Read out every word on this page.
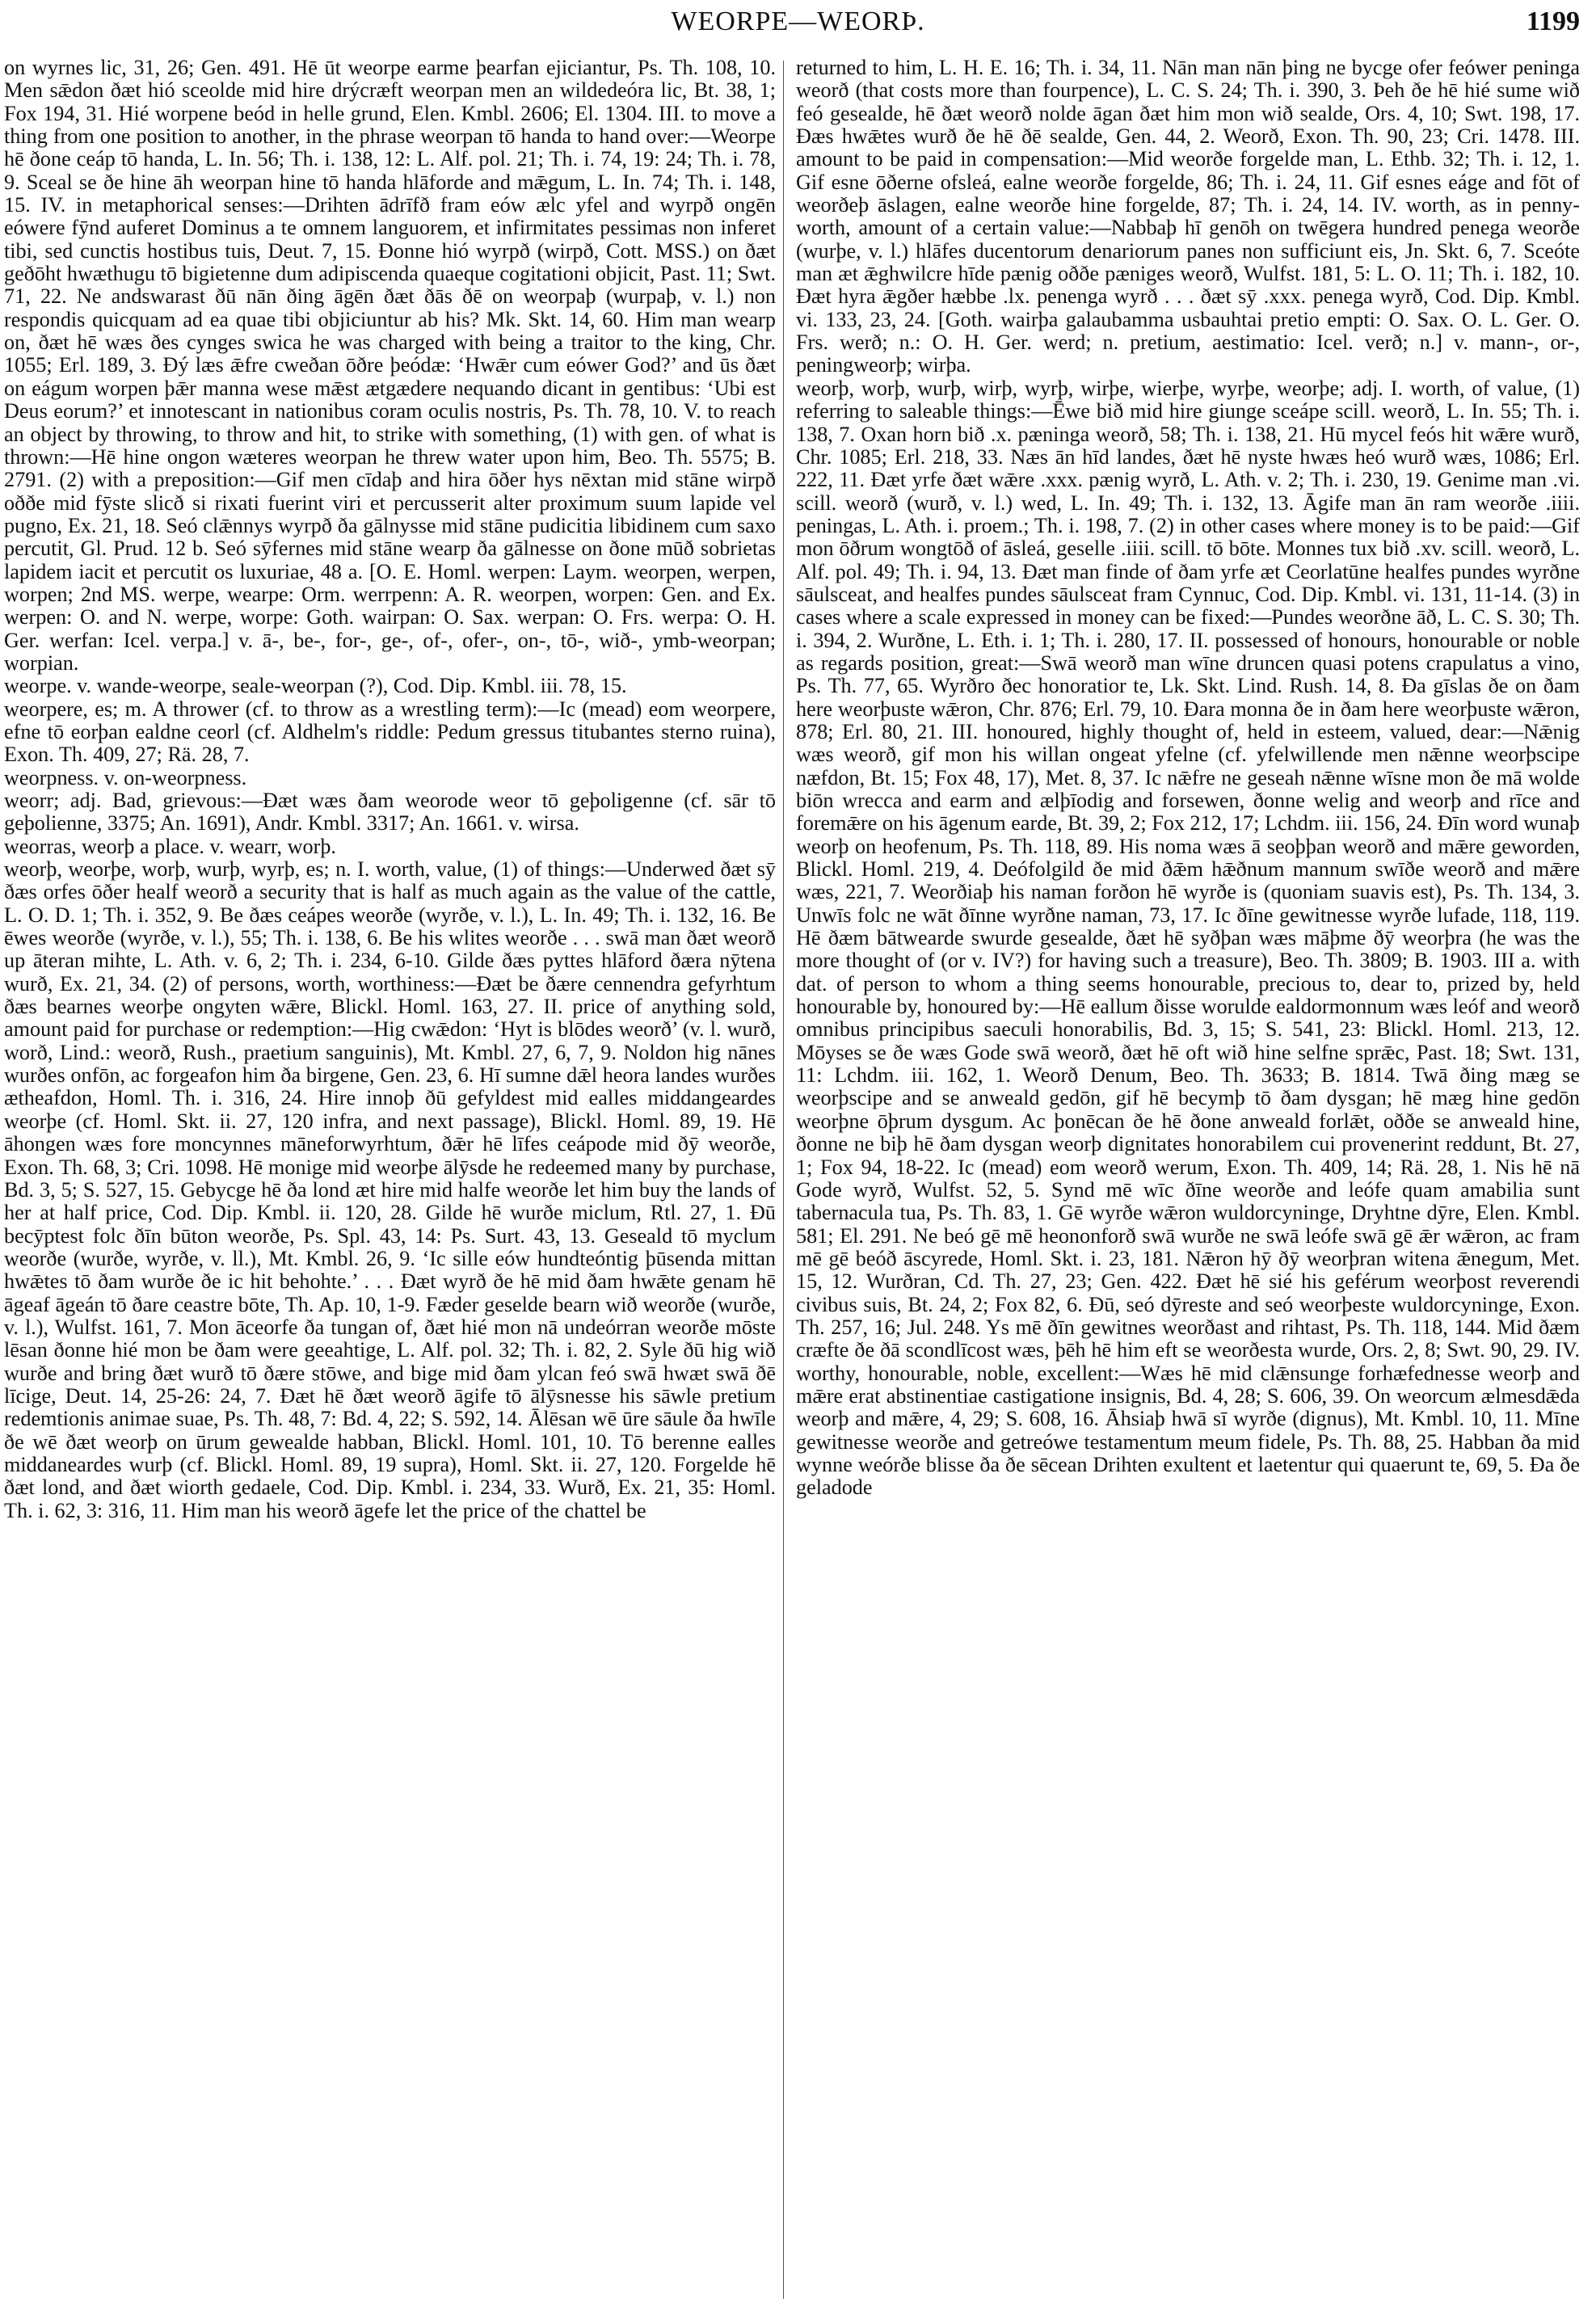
WEORPE—WEORÞ.	1199

on wyrnes lic, 31, 26; Gen. 491. Hē ūt weorpe earme þearfan ejiciantur, Ps. Th. 108, 10. Men sǣdon ðæt hió sceolde mid hire drýcræft weorpan men an wildedeóra lic, Bt. 38, 1; Fox 194, 31. Hié worpene beód in helle grund, Elen. Kmbl. 2606; El. 1304. III. to move a thing from one position to another, in the phrase weorpan tō handa to hand over:—Weorpe hē ðone ceáp tō handa, L. In. 56; Th. i. 138, 12: L. Alf. pol. 21; Th. i. 74, 19: 24; Th. i. 78, 9. Sceal se ðe hine āh weorpan hine tō handa hlāforde and mǣgum, L. In. 74; Th. i. 148, 15. IV. in metaphorical senses:—Drihten ādrīfð fram eów ælc yfel and wyrpð ongēn eówere fȳnd auferet Dominus a te omnem languorem, et infirmitates pessimas non inferet tibi, sed cunctis hostibus tuis, Deut. 7, 15. Ðonne hió wyrpð (wirpð, Cott. MSS.) on ðæt geðōht hwæthugu tō bigietenne dum adipiscenda quaeque cogitationi objicit, Past. 11; Swt. 71, 22. Ne andswarast ðū nān ðing āgēn ðæt ðās ðē on weorpaþ (wurpaþ, v. l.) non respondis quicquam ad ea quae tibi objiciuntur ab his? Mk. Skt. 14, 60. Him man wearp on, ðæt hē wæs ðes cynges swica he was charged with being a traitor to the king, Chr. 1055; Erl. 189, 3. Ðý læs ǣfre cweðan ōðre þeódæ: ‘Hwǣr cum eówer God?’ and ūs ðæt on eágum worpen þǣr manna wese mǣst ætgædere nequando dicant in gentibus: ‘Ubi est Deus eorum?’ et innotescant in nationibus coram oculis nostris, Ps. Th. 78, 10. V. to reach an object by throwing, to throw and hit, to strike with something, (1) with gen. of what is thrown:—Hē hine ongon wæteres weorpan he threw water upon him, Beo. Th. 5575; B. 2791. (2) with a preposition:—Gif men cīdaþ and hira ōðer hys nēxtan mid stāne wirpð oððe mid fȳste slicð si rixati fuerint viri et percusserit alter proximum suum lapide vel pugno, Ex. 21, 18. Seó clǣnnys wyrpð ða gālnysse mid stāne pudicitia libidinem cum saxo percutit, Gl. Prud. 12 b. Seó sȳfernes mid stāne wearp ða gālnesse on ðone mūð sobrietas lapidem iacit et percutit os luxuriae, 48 a. [O. E. Homl. werpen: Laym. weorpen, werpen, worpen; 2nd MS. werpe, wearpe: Orm. werrpenn: A. R. weorpen, worpen: Gen. and Ex. werpen: O. and N. werpe, worpe: Goth. wairpan: O. Sax. werpan: O. Frs. werpa: O. H. Ger. werfan: Icel. verpa.] v. ā-, be-, for-, ge-, of-, ofer-, on-, tō-, wið-, ymb-weorpan; worpian.

weorpe. v. wande-weorpe, seale-weorpan (?), Cod. Dip. Kmbl. iii. 78, 15.

weorpere, es; m. A thrower (cf. to throw as a wrestling term):—Ic (mead) eom weorpere, efne tō eorþan ealdne ceorl (cf. Aldhelm's riddle: Pedum gressus titubantes sterno ruina), Exon. Th. 409, 27; Rä. 28, 7.

weorpness. v. on-weorpness.

weorr; adj. Bad, grievous:—Ðæt wæs ðam weorode weor tō geþoligenne (cf. sār tō geþolienne, 3375; An. 1691), Andr. Kmbl. 3317; An. 1661. v. wirsa.

weorras, weorþ a place. v. wearr, worþ.

weorþ, weorþe, worþ, wurþ, wyrþ, es; n. I. worth, value, (1) of things:—Underwed ðæt sȳ ðæs orfes ōðer healf weorð a security that is half as much again as the value of the cattle, L. O. D. 1; Th. i. 352, 9. Be ðæs ceápes weorðe (wyrðe, v. l.), L. In. 49; Th. i. 132, 16. Be ēwes weorðe (wyrðe, v. l.), 55; Th. i. 138, 6. Be his wlites weorðe . . . swā man ðæt weorð up āteran mihte, L. Ath. v. 6, 2; Th. i. 234, 6-10. Gilde ðæs pyttes hlāford ðæra nȳtena wurð, Ex. 21, 34. (2) of persons, worth, worthiness:—Ðæt be ðære cennendra gefyrhtum ðæs bearnes weorþe ongyten wǣre, Blickl. Homl. 163, 27. II. price of anything sold, amount paid for purchase or redemption:—Hig cwǣdon: ‘Hyt is blōdes weorð’ (v. l. wurð, worð, Lind.: weorð, Rush., praetium sanguinis), Mt. Kmbl. 27, 6, 7, 9. Noldon hig nānes wurðes onfōn, ac forgeafon him ða birgene, Gen. 23, 6. Hī sumne dǣl heora landes wurðes ætheafdon, Homl. Th. i. 316, 24. Hire innoþ ðū gefyldest mid ealles middangeardes weorþe (cf. Homl. Skt. ii. 27, 120 infra, and next passage), Blickl. Homl. 89, 19. Hē āhongen wæs fore moncynnes māneforwyrhtum, ðǣr hē līfes ceápode mid ðȳ weorðe, Exon. Th. 68, 3; Cri. 1098. Hē monige mid weorþe ālȳsde he redeemed many by purchase, Bd. 3, 5; S. 527, 15. Gebycge hē ða lond æt hire mid halfe weorðe let him buy the lands of her at half price, Cod. Dip. Kmbl. ii. 120, 28. Gilde hē wurðe miclum, Rtl. 27, 1. Ðū becȳptest folc ðīn būton weorðe, Ps. Spl. 43, 14: Ps. Surt. 43, 13. Geseald tō myclum weorðe (wurðe, wyrðe, v. ll.), Mt. Kmbl. 26, 9. ‘Ic sille eów hundteóntig þūsenda mittan hwǣtes tō ðam wurðe ðe ic hit behohte.’ . . . Ðæt wyrð ðe hē mid ðam hwǣte genam hē āgeaf āgeán tō ðare ceastre bōte, Th. Ap. 10, 1-9. Fæder geselde bearn wið weorðe (wurðe, v. l.), Wulfst. 161, 7. Mon āceorfe ða tungan of, ðæt hié mon nā undeórran weorðe mōste lēsan ðonne hié mon be ðam were geeahtige, L. Alf. pol. 32; Th. i. 82, 2. Syle ðū hig wið wurðe and bring ðæt wurð tō ðære stōwe, and bige mid ðam ylcan feó swā hwæt swā ðē līcige, Deut. 14, 25-26: 24, 7. Ðæt hē ðæt weorð āgife tō ālȳsnesse his sāwle pretium redemtionis animae suae, Ps. Th. 48, 7: Bd. 4, 22; S. 592, 14. Ālēsan wē ūre sāule ða hwīle ðe wē ðæt weorþ on ūrum gewealde habban, Blickl. Homl. 101, 10. Tō berenne ealles middaneardes wurþ (cf. Blickl. Homl. 89, 19 supra), Homl. Skt. ii. 27, 120. Forgelde hē ðæt lond, and ðæt wiorth gedaele, Cod. Dip. Kmbl. i. 234, 33. Wurð, Ex. 21, 35: Homl. Th. i. 62, 3: 316, 11. Him man his weorð āgefe let the price of the chattel be

returned to him, L. H. E. 16; Th. i. 34, 11. Nān man nān þing ne bycge ofer feówer peninga weorð (that costs more than fourpence), L. C. S. 24; Th. i. 390, 3. Þeh ðe hē hié sume wið feó gesealde, hē ðæt weorð nolde āgan ðæt him mon wið sealde, Ors. 4, 10; Swt. 198, 17. Ðæs hwǣtes wurð ðe hē ðē sealde, Gen. 44, 2. Weorð, Exon. Th. 90, 23; Cri. 1478. III. amount to be paid in compensation:—Mid weorðe forgelde man, L. Ethb. 32; Th. i. 12, 1. Gif esne ōðerne ofsleá, ealne weorðe forgelde, 86; Th. i. 24, 11. Gif esnes eáge and fōt of weorðeþ āslagen, ealne weorðe hine forgelde, 87; Th. i. 24, 14. IV. worth, as in penny-worth, amount of a certain value:—Nabbaþ hī genōh on twēgera hundred penega weorðe (wurþe, v. l.) hlāfes ducentorum denariorum panes non sufficiunt eis, Jn. Skt. 6, 7. Sceóte man æt ǣghwilcre hīde pænig oððe pæniges weorð, Wulfst. 181, 5: L. O. 11; Th. i. 182, 10. Ðæt hyra ǣgðer hæbbe .lx. penenga wyrð . . . ðæt sȳ .xxx. penega wyrð, Cod. Dip. Kmbl. vi. 133, 23, 24. [Goth. wairþa galaubamma usbauhtai pretio empti: O. Sax. O. L. Ger. O. Frs. werð; n.: O. H. Ger. werd; n. pretium, aestimatio: Icel. verð; n.] v. mann-, or-, peningweorþ; wirþa.

weorþ, worþ, wurþ, wirþ, wyrþ, wirþe, wierþe, wyrþe, weorþe; adj. I. worth, of value, (1) referring to saleable things:—Ēwe bið mid hire giunge sceápe scill. weorð, L. In. 55; Th. i. 138, 7. Oxan horn bið .x. pæninga weorð, 58; Th. i. 138, 21. Hū mycel feós hit wǣre wurð, Chr. 1085; Erl. 218, 33. Næs ān hīd landes, ðæt hē nyste hwæs heó wurð wæs, 1086; Erl. 222, 11. Ðæt yrfe ðæt wǣre .xxx. pænig wyrð, L. Ath. v. 2; Th. i. 230, 19. Genime man .vi. scill. weorð (wurð, v. l.) wed, L. In. 49; Th. i. 132, 13. Āgife man ān ram weorðe .iiii. peningas, L. Ath. i. proem.; Th. i. 198, 7. (2) in other cases where money is to be paid:—Gif mon ōðrum wongtōð of āsleá, geselle .iiii. scill. tō bōte. Monnes tux bið .xv. scill. weorð, L. Alf. pol. 49; Th. i. 94, 13. Ðæt man finde of ðam yrfe æt Ceorlatūne healfes pundes wyrðne sāulsceat, and healfes pundes sāulsceat fram Cynnuc, Cod. Dip. Kmbl. vi. 131, 11-14. (3) in cases where a scale expressed in money can be fixed:—Pundes weorðne āð, L. C. S. 30; Th. i. 394, 2. Wurðne, L. Eth. i. 1; Th. i. 280, 17. II. possessed of honours, honourable or noble as regards position, great:—Swā weorð man wīne druncen quasi potens crapulatus a vino, Ps. Th. 77, 65. Wyrðro ðec honoratior te, Lk. Skt. Lind. Rush. 14, 8. Ða gīslas ðe on ðam here weorþuste wǣron, Chr. 876; Erl. 79, 10. Ðara monna ðe in ðam here weorþuste wǣron, 878; Erl. 80, 21. III. honoured, highly thought of, held in esteem, valued, dear:—Nǣnig wæs weorð, gif mon his willan ongeat yfelne (cf. yfelwillende men nǣnne weorþscipe næfdon, Bt. 15; Fox 48, 17), Met. 8, 37. Ic nǣfre ne geseah nǣnne wīsne mon ðe mā wolde biōn wrecca and earm and ælþīodig and forsewen, ðonne welig and weorþ and rīce and foremǣre on his āgenum earde, Bt. 39, 2; Fox 212, 17; Lchdm. iii. 156, 24. Ðīn word wunaþ weorþ on heofenum, Ps. Th. 118, 89. His noma wæs ā seoþþan weorð and mǣre geworden, Blickl. Homl. 219, 4. Deófolgild ðe mid ðǣm hǣðnum mannum swīðe weorð and mǣre wæs, 221, 7. Weorðiaþ his naman forðon hē wyrðe is (quoniam suavis est), Ps. Th. 134, 3. Unwīs folc ne wāt ðīnne wyrðne naman, 73, 17. Ic ðīne gewitnesse wyrðe lufade, 118, 119. Hē ðæm bātwearde swurde gesealde, ðæt hē syðþan wæs māþme ðȳ weorþra (he was the more thought of (or v. IV?) for having such a treasure), Beo. Th. 3809; B. 1903. III a. with dat. of person to whom a thing seems honourable, precious to, dear to, prized by, held honourable by, honoured by:—Hē eallum ðisse worulde ealdormonnum wæs leóf and weorð omnibus principibus saeculi honorabilis, Bd. 3, 15; S. 541, 23: Blickl. Homl. 213, 12. Mōyses se ðe wæs Gode swā weorð, ðæt hē oft wið hine selfne sprǣc, Past. 18; Swt. 131, 11: Lchdm. iii. 162, 1. Weorð Denum, Beo. Th. 3633; B. 1814. Twā ðing mæg se weorþscipe and se anweald gedōn, gif hē becymþ tō ðam dysgan; hē mæg hine gedōn weorþne ōþrum dysgum. Ac þonēcan ðe hē ðone anweald forlǣt, oððe se anweald hine, ðonne ne biþ hē ðam dysgan weorþ dignitates honorabilem cui provenerint reddunt, Bt. 27, 1; Fox 94, 18-22. Ic (mead) eom weorð werum, Exon. Th. 409, 14; Rä. 28, 1. Nis hē nā Gode wyrð, Wulfst. 52, 5. Synd mē wīc ðīne weorðe and leófe quam amabilia sunt tabernacula tua, Ps. Th. 83, 1. Gē wyrðe wǣron wuldorcyninge, Dryhtne dȳre, Elen. Kmbl. 581; El. 291. Ne beó gē mē heononforð swā wurðe ne swā leófe swā gē ǣr wǣron, ac fram mē gē beóð āscyrede, Homl. Skt. i. 23, 181. Nǣron hȳ ðȳ weorþran witena ǣnegum, Met. 15, 12. Wurðran, Cd. Th. 27, 23; Gen. 422. Ðæt hē sié his geférum weorþost reverendi civibus suis, Bt. 24, 2; Fox 82, 6. Ðū, seó dȳreste and seó weorþeste wuldorcyninge, Exon. Th. 257, 16; Jul. 248. Ys mē ðīn gewitnes weorðast and rihtast, Ps. Th. 118, 144. Mid ðæm cræfte ðe ðā scondlīcost wæs, þēh hē him eft se weorðesta wurde, Ors. 2, 8; Swt. 90, 29. IV. worthy, honourable, noble, excellent:—Wæs hē mid clǣnsunge forhæfednesse weorþ and mǣre erat abstinentiae castigatione insignis, Bd. 4, 28; S. 606, 39. On weorcum ælmesdǣda weorþ and mǣre, 4, 29; S. 608, 16. Āhsiaþ hwā sī wyrðe (dignus), Mt. Kmbl. 10, 11. Mīne gewitnesse weorðe and getreówe testamentum meum fidele, Ps. Th. 88, 25. Habban ða mid wynne weórðe blisse ða ðe sēcean Drihten exultent et laetentur qui quaerunt te, 69, 5. Ða ðe geladode
